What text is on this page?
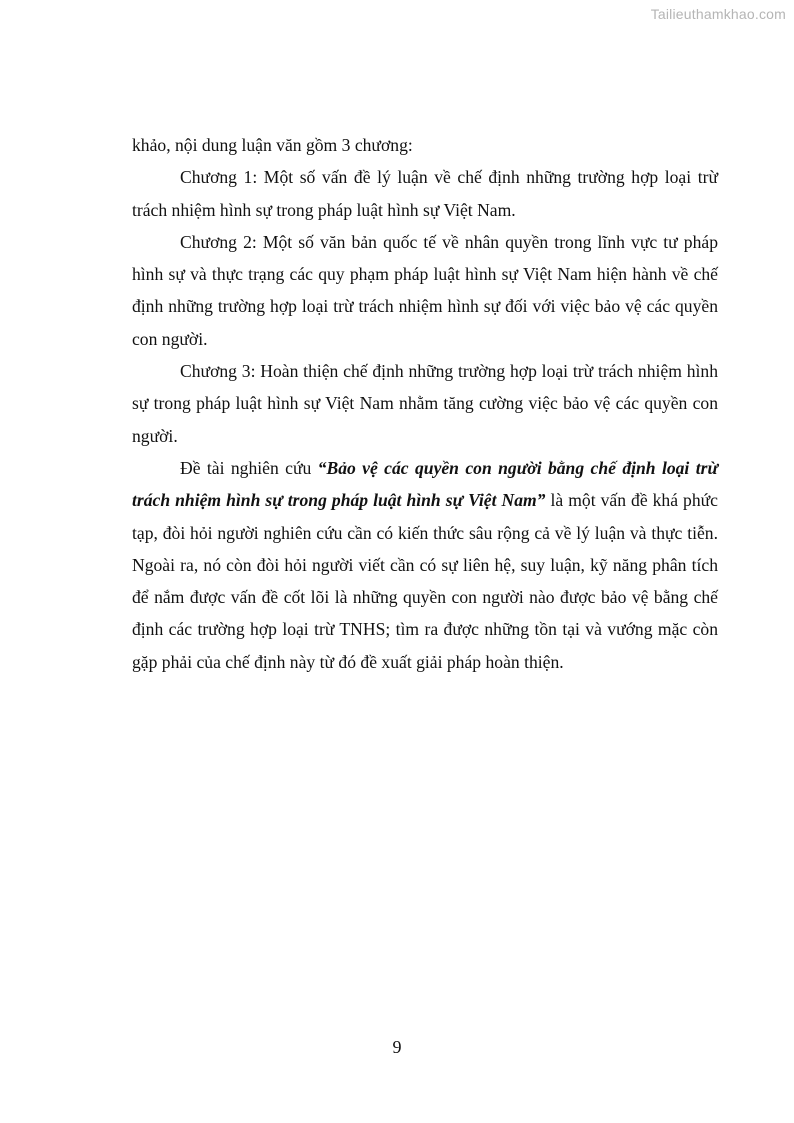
Tailieuthamkhao.com

khảo, nội dung luận văn gồm 3 chương:

Chương 1: Một số vấn đề lý luận về chế định những trường hợp loại trừ trách nhiệm hình sự trong pháp luật hình sự Việt Nam.

Chương 2: Một số văn bản quốc tế về nhân quyền trong lĩnh vực tư pháp hình sự và thực trạng các quy phạm pháp luật hình sự Việt Nam hiện hành về chế định những trường hợp loại trừ trách nhiệm hình sự đối với việc bảo vệ các quyền con người.

Chương 3: Hoàn thiện chế định những trường hợp loại trừ trách nhiệm hình sự trong pháp luật hình sự Việt Nam nhằm tăng cường việc bảo vệ các quyền con người.

Đề tài nghiên cứu “Bảo vệ các quyền con người bằng chế định loại trừ trách nhiệm hình sự trong pháp luật hình sự Việt Nam” là một vấn đề khá phức tạp, đòi hỏi người nghiên cứu cần có kiến thức sâu rộng cả về lý luận và thực tiễn. Ngoài ra, nó còn đòi hỏi người viết cần có sự liên hệ, suy luận, kỹ năng phân tích để nắm được vấn đề cốt lõi là những quyền con người nào được bảo vệ bằng chế định các trường hợp loại trừ TNHS; tìm ra được những tồn tại và vướng mặc còn gặp phải của chế định này từ đó đề xuất giải pháp hoàn thiện.

9
